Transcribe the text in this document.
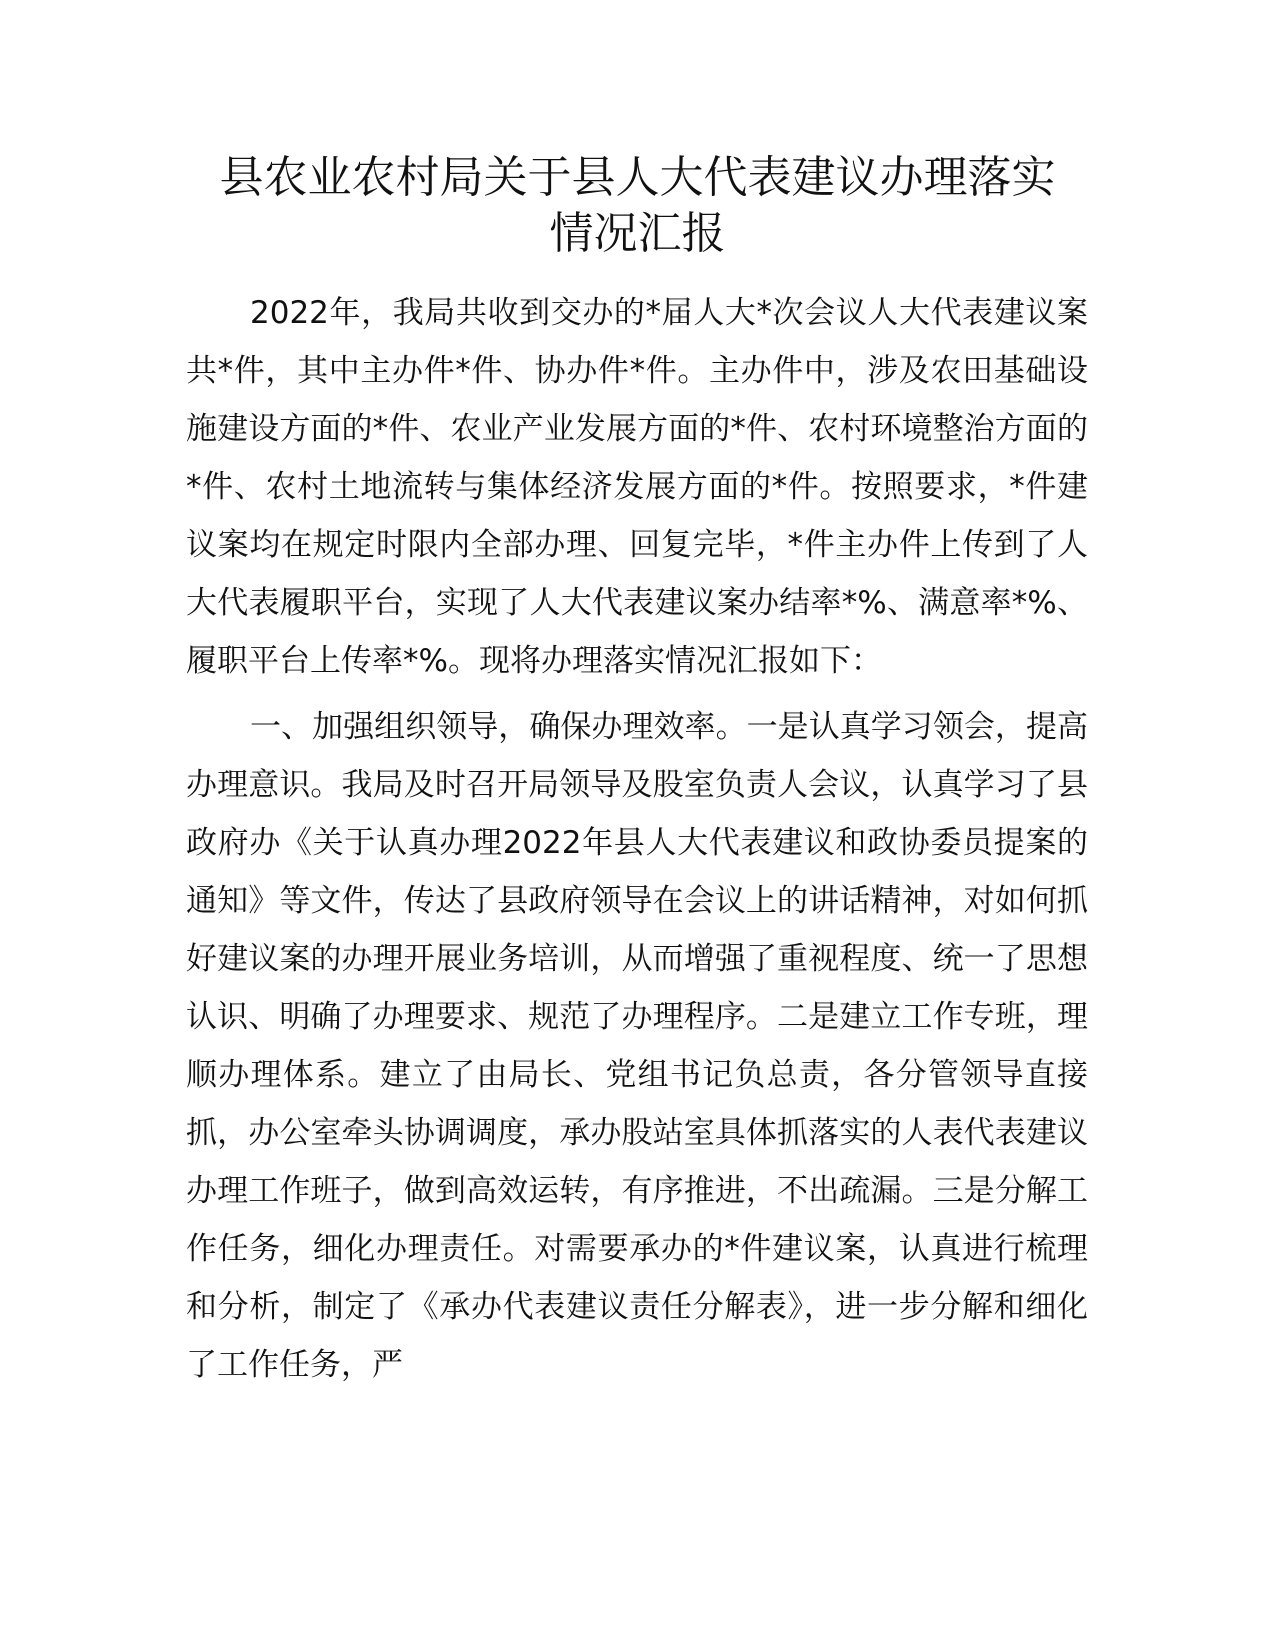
县农业农村局关于县人大代表建议办理落实
情况汇报

2022年，我局共收到交办的*届人大*次会议人大代表建议案共*件，其中主办件*件、协办件*件。主办件中，涉及农田基础设施建设方面的*件、农业产业发展方面的*件、农村环境整治方面的*件、农村土地流转与集体经济发展方面的*件。按照要求，*件建议案均在规定时限内全部办理、回复完毕，*件主办件上传到了人大代表履职平台，实现了人大代表建议案办结率*%、满意率*%、履职平台上传率*%。现将办理落实情况汇报如下：

一、加强组织领导，确保办理效率。一是认真学习领会，提高办理意识。我局及时召开局领导及股室负责人会议，认真学习了县政府办《关于认真办理2022年县人大代表建议和政协委员提案的通知》等文件，传达了县政府领导在会议上的讲话精神，对如何抓好建议案的办理开展业务培训，从而增强了重视程度、统一了思想认识、明确了办理要求、规范了办理程序。二是建立工作专班，理顺办理体系。建立了由局长、党组书记负总责，各分管领导直接抓，办公室牵头协调调度，承办股站室具体抓落实的人表代表建议办理工作班子，做到高效运转，有序推进，不出疏漏。三是分解工作任务，细化办理责任。对需要承办的*件建议案，认真进行梳理和分析，制定了《承办代表建议责任分解表》，进一步分解和细化了工作任务，严
